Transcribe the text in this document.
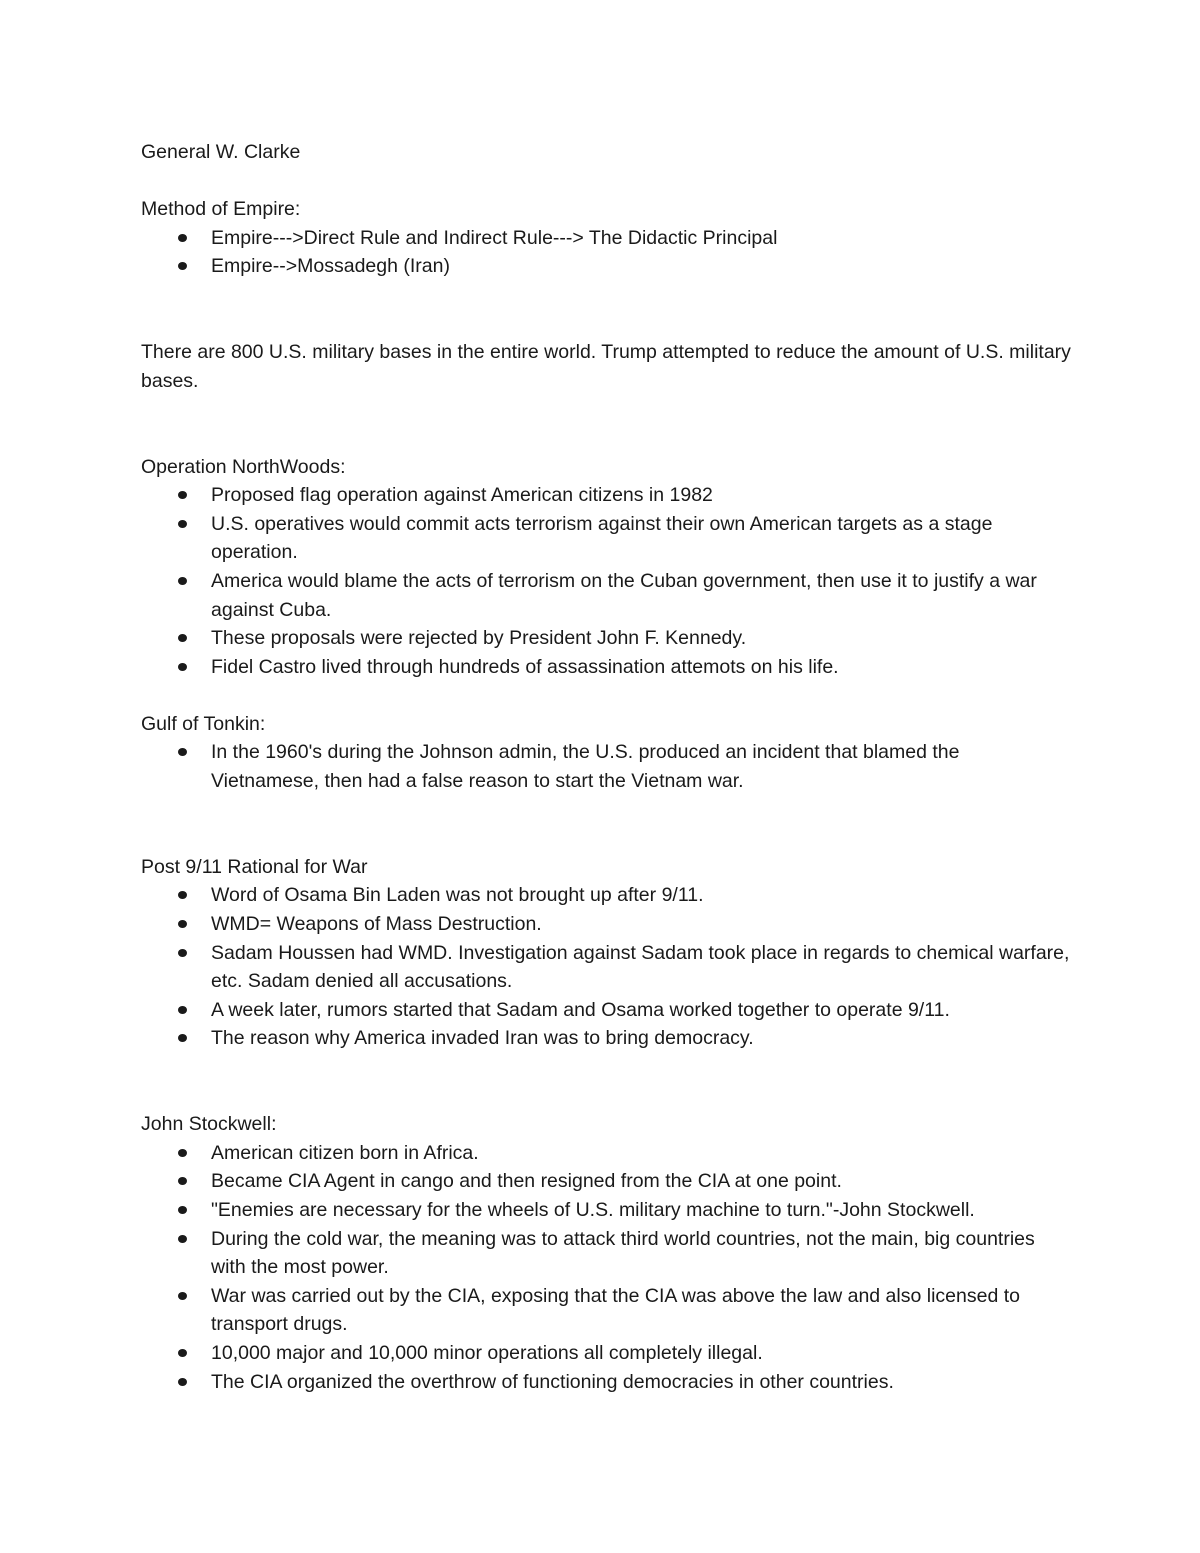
General W. Clarke

Method of Empire:

Empire--->Direct Rule and Indirect Rule---> The Didactic Principal
Empire-->Mossadegh (Iran)

There are 800 U.S. military bases in the entire world. Trump attempted to reduce the amount of U.S. military bases.

Operation NorthWoods:

Proposed flag operation against American citizens in 1982
U.S. operatives would commit acts terrorism against their own American targets as a stage operation.
America would blame the acts of terrorism on the Cuban government, then use it to justify a war against Cuba.
These proposals were rejected by President John F. Kennedy.
Fidel Castro lived through hundreds of assassination attemots on his life.

Gulf of Tonkin:

In the 1960's during the Johnson admin, the U.S. produced an incident that blamed the Vietnamese, then had a false reason to start the Vietnam war.

Post 9/11 Rational for War

Word of Osama Bin Laden was not brought up after 9/11.
WMD= Weapons of Mass Destruction.
Sadam Houssen had WMD. Investigation against Sadam took place in regards to chemical warfare, etc. Sadam denied all accusations.
A week later, rumors started that Sadam and Osama worked together to operate 9/11.
The reason why America invaded Iran was to bring democracy.

John Stockwell:

American citizen born in Africa.
Became CIA Agent in cango and then resigned from the CIA at one point.
"Enemies are necessary for the wheels of U.S. military machine to turn."-John Stockwell.
During the cold war, the meaning was to attack third world countries, not the main, big countries with the most power.
War was carried out by the CIA, exposing that the CIA was above the law and also licensed to transport drugs.
10,000 major and 10,000 minor operations all completely illegal.
The CIA organized the overthrow of functioning democracies in other countries.
